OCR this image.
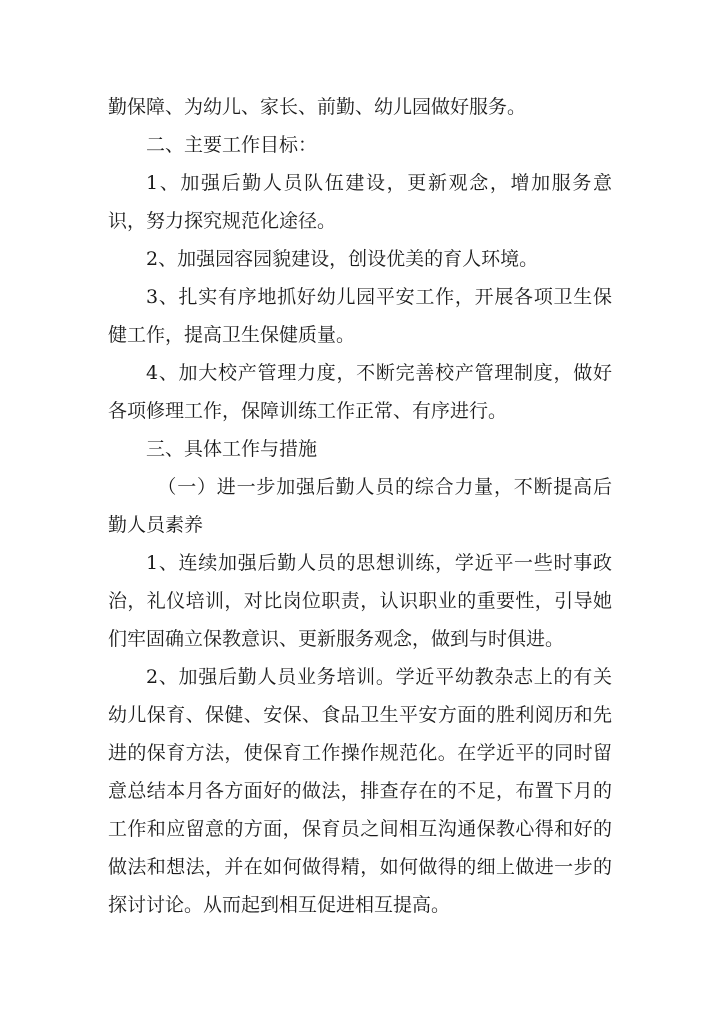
勤保障、为幼儿、家长、前勤、幼儿园做好服务。

二、主要工作目标：

1、加强后勤人员队伍建设，更新观念，增加服务意识，努力探究规范化途径。

2、加强园容园貌建设，创设优美的育人环境。

3、扎实有序地抓好幼儿园平安工作，开展各项卫生保健工作，提高卫生保健质量。

4、加大校产管理力度，不断完善校产管理制度，做好各项修理工作，保障训练工作正常、有序进行。

三、具体工作与措施

（一）进一步加强后勤人员的综合力量，不断提高后勤人员素养

1、连续加强后勤人员的思想训练，学近平一些时事政治，礼仪培训，对比岗位职责，认识职业的重要性，引导她们牢固确立保教意识、更新服务观念，做到与时俱进。

2、加强后勤人员业务培训。学近平幼教杂志上的有关幼儿保育、保健、安保、食品卫生平安方面的胜利阅历和先进的保育方法，使保育工作操作规范化。在学近平的同时留意总结本月各方面好的做法，排查存在的不足，布置下月的工作和应留意的方面，保育员之间相互沟通保教心得和好的做法和想法，并在如何做得精，如何做得的细上做进一步的探讨讨论。从而起到相互促进相互提高。
